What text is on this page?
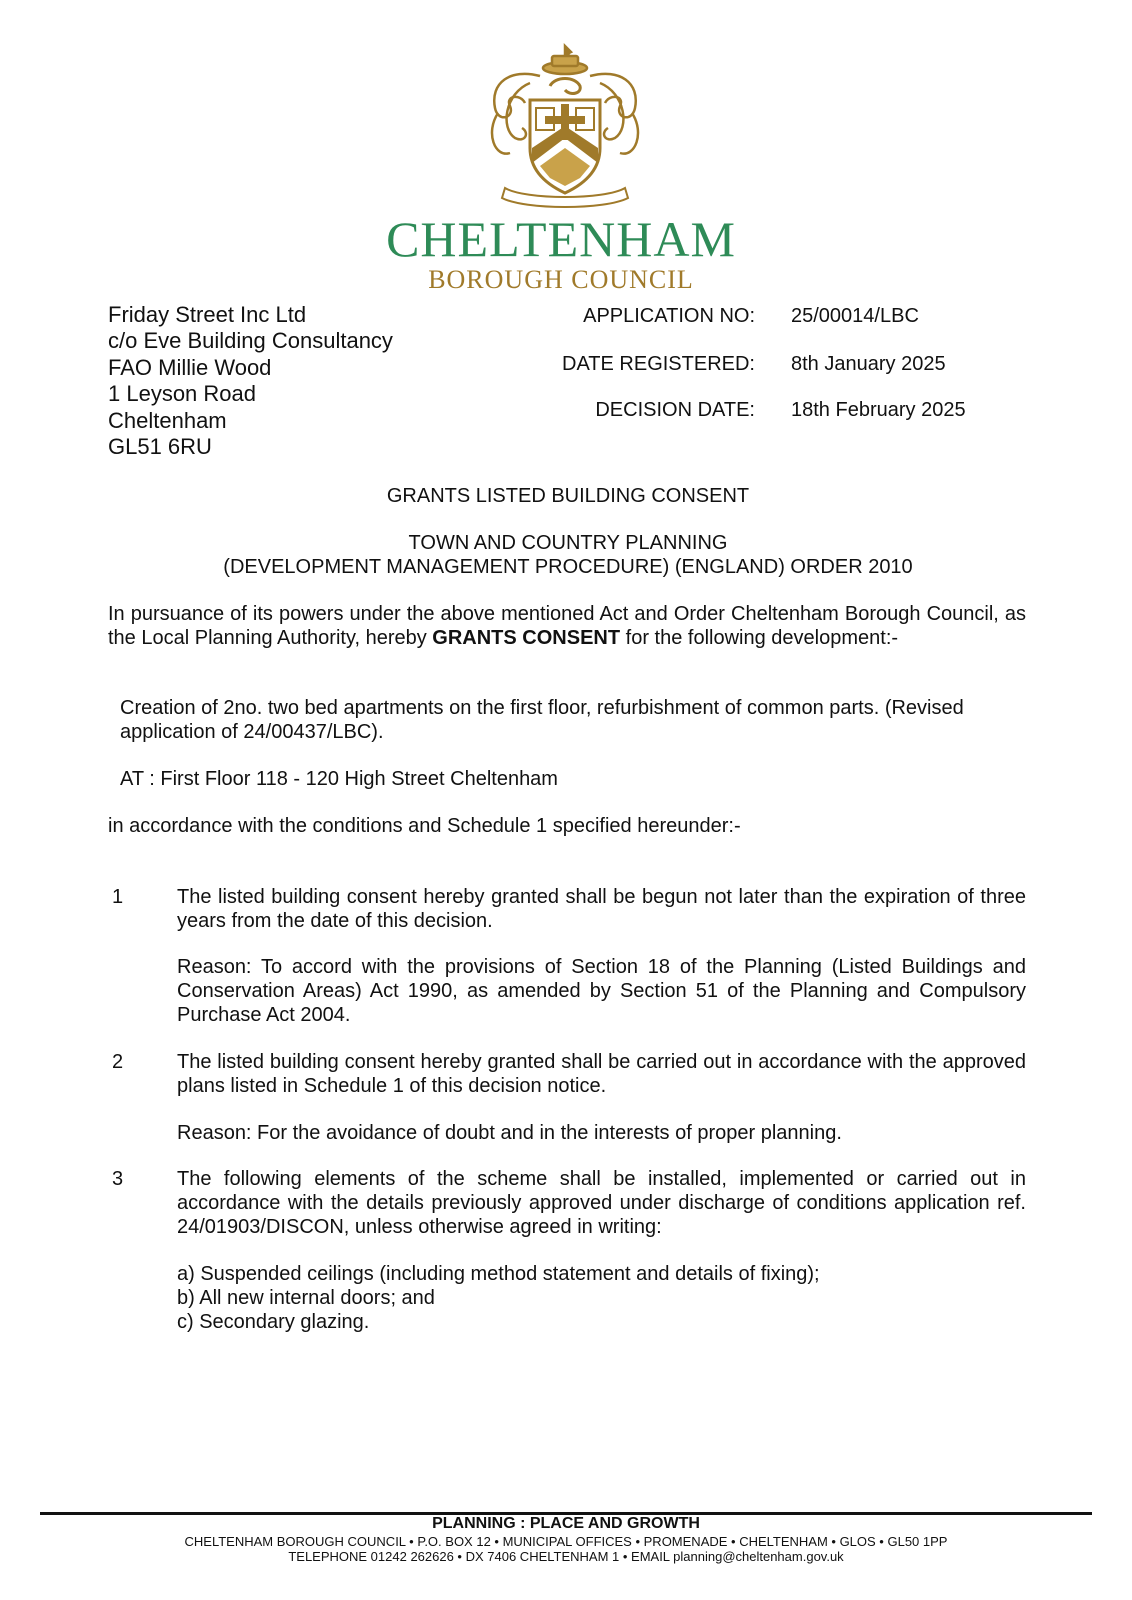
CHELTENHAM
BOROUGH COUNCIL
Friday Street Inc Ltd
c/o Eve Building Consultancy
FAO Millie Wood
1 Leyson Road
Cheltenham
GL51 6RU
APPLICATION NO: 25/00014/LBC
DATE REGISTERED: 8th January 2025
DECISION DATE: 18th February 2025
GRANTS LISTED BUILDING CONSENT
TOWN AND COUNTRY PLANNING
(DEVELOPMENT MANAGEMENT PROCEDURE) (ENGLAND) ORDER 2010
In pursuance of its powers under the above mentioned Act and Order Cheltenham Borough Council, as the Local Planning Authority, hereby GRANTS CONSENT for the following development:-
Creation of 2no. two bed apartments on the first floor, refurbishment of common parts. (Revised application of 24/00437/LBC).
AT : First Floor 118 - 120 High Street Cheltenham
in accordance with the conditions and Schedule 1 specified hereunder:-
1	The listed building consent hereby granted shall be begun not later than the expiration of three years from the date of this decision.
Reason: To accord with the provisions of Section 18 of the Planning (Listed Buildings and Conservation Areas) Act 1990, as amended by Section 51 of the Planning and Compulsory Purchase Act 2004.
2	The listed building consent hereby granted shall be carried out in accordance with the approved plans listed in Schedule 1 of this decision notice.
Reason: For the avoidance of doubt and in the interests of proper planning.
3	The following elements of the scheme shall be installed, implemented or carried out in accordance with the details previously approved under discharge of conditions application ref. 24/01903/DISCON, unless otherwise agreed in writing:
a) Suspended ceilings (including method statement and details of fixing);
b) All new internal doors; and
c) Secondary glazing.
PLANNING : PLACE AND GROWTH
CHELTENHAM BOROUGH COUNCIL • P.O. BOX 12 • MUNICIPAL OFFICES • PROMENADE • CHELTENHAM • GLOS • GL50 1PP
TELEPHONE 01242 262626 • DX 7406 CHELTENHAM 1 • EMAIL planning@cheltenham.gov.uk
